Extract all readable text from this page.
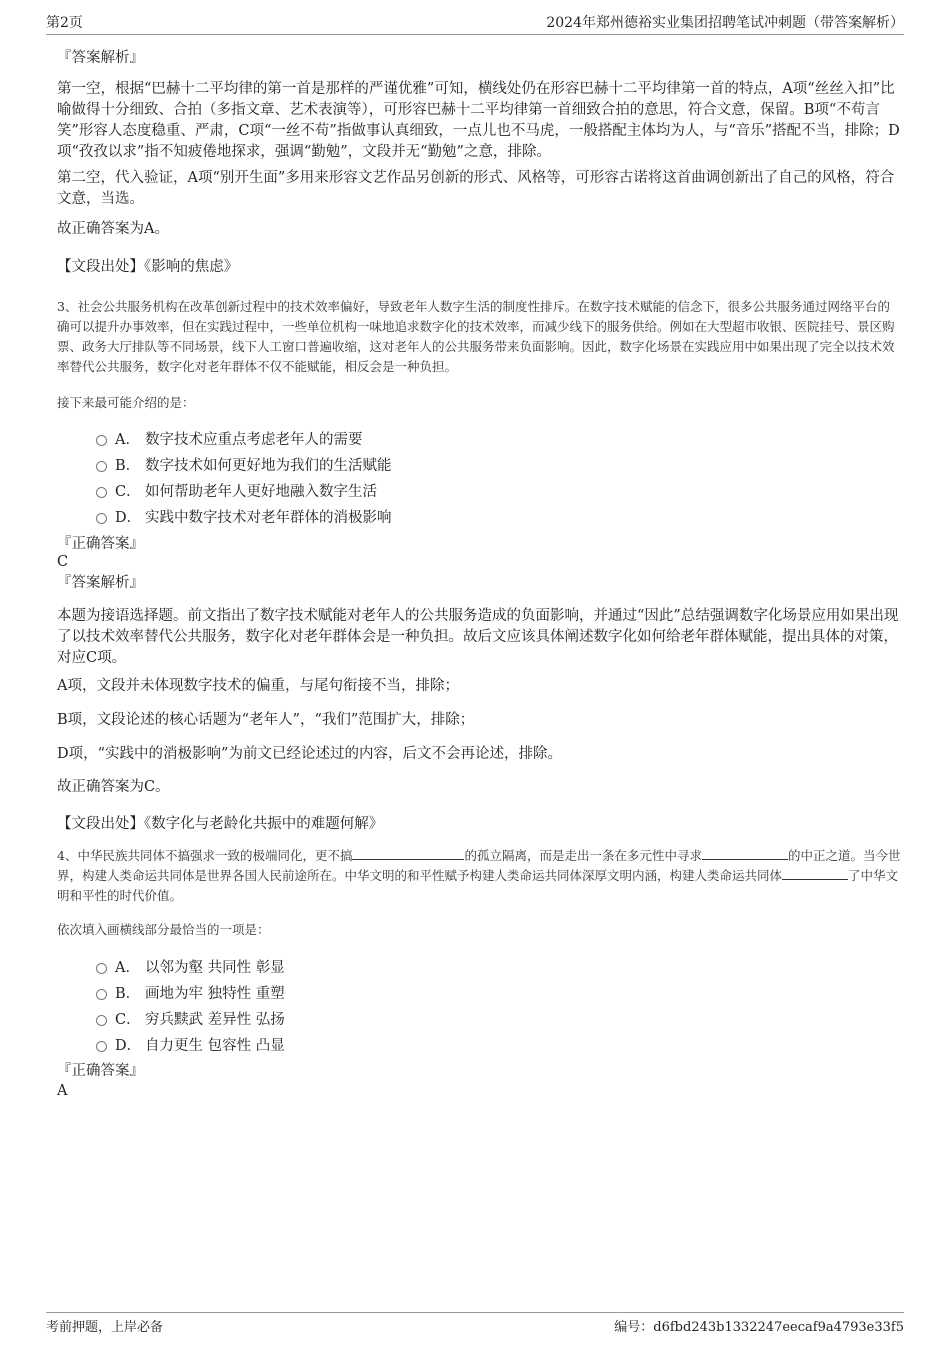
第2页	2024年郑州德裕实业集团招聘笔试冲刺题（带答案解析）
『答案解析』

第一空，根据“巴赫十二平均律的第一首是那样的严谨优雅”可知，横线处仍在形容巴赫十二平均律第一首的特点，A项“丝丝入扣”比喻做得十分细致、合拍（多指文章、艺术表演等），可形容巴赫十二平均律第一首细致合拍的意思，符合文意，保留。B项“不苟言笑”形容人态度稳重、严肃，C项“一丝不苟”指做事认真细致，一点儿也不马虎，一般搭配主体均为人，与“音乐”搭配不当，排除；D项“孜孜以求”指不知疲倦地探求，强调“勤勉”，文段并无“勤勉”之意，排除。

第二空，代入验证，A项“别开生面”多用来形容文艺作品另创新的形式、风格等，可形容古诺将这首曲调创新出了自己的风格，符合文意，当选。

故正确答案为A。

【文段出处】《影响的焦虑》

3、社会公共服务机构在改革创新过程中的技术效率偏好，导致老年人数字生活的制度性排斥。在数字技术赋能的信念下，很多公共服务通过网络平台的确可以提升办事效率，但在实践过程中，一些单位机构一味地追求数字化的技术效率，而减少线下的服务供给。例如在大型超市收银、医院挂号、景区购票、政务大厅排队等不同场景，线下人工窗口普遍收缩，这对老年人的公共服务带来负面影响。因此，数字化场景在实践应用中如果出现了完全以技术效率替代公共服务，数字化对老年群体不仅不能赋能，相反会是一种负担。

接下来最可能介绍的是：

A． 数字技术应重点考虑老年人的需要
B． 数字技术如何更好地为我们的生活赋能
C． 如何帮助老年人更好地融入数字生活
D． 实践中数字技术对老年群体的消极影响
『正确答案』
C
『答案解析』

本题为接语选择题。前文指出了数字技术赋能对老年人的公共服务造成的负面影响，并通过“因此”总结强调数字化场景应用如果出现了以技术效率替代公共服务，数字化对老年群体会是一种负担。故后文应该具体阐述数字化如何给老年群体赋能，提出具体的对策，对应C项。

A项，文段并未体现数字技术的偏重，与尾句衔接不当，排除；

B项，文段论述的核心话题为“老年人”，“我们”范围扩大，排除；

D项，“实践中的消极影响”为前文已经论述过的内容，后文不会再论述，排除。

故正确答案为C。

【文段出处】《数字化与老龄化共振中的难题何解》

4、中华民族共同体不搞强求一致的极端同化，更不搞	的孤立隔离，而是走出一条在多元性中寻求	的中正之道。当今世界，构建人类命运共同体是世界各国人民前途所在。中华文明的和平性赋予构建人类命运共同体深厚文明内涵，构建人类命运共同体	了中华文明和平性的时代价值。

依次填入画横线部分最恰当的一项是：

A． 以邻为壑 共同性 彰显
B． 画地为牢 独特性 重塑
C． 穷兵黩武 差异性 弘扬
D． 自力更生 包容性 凸显
『正确答案』
A
考前押题，上岸必备	编号：d6fbd243b1332247eecaf9a4793e33f5
